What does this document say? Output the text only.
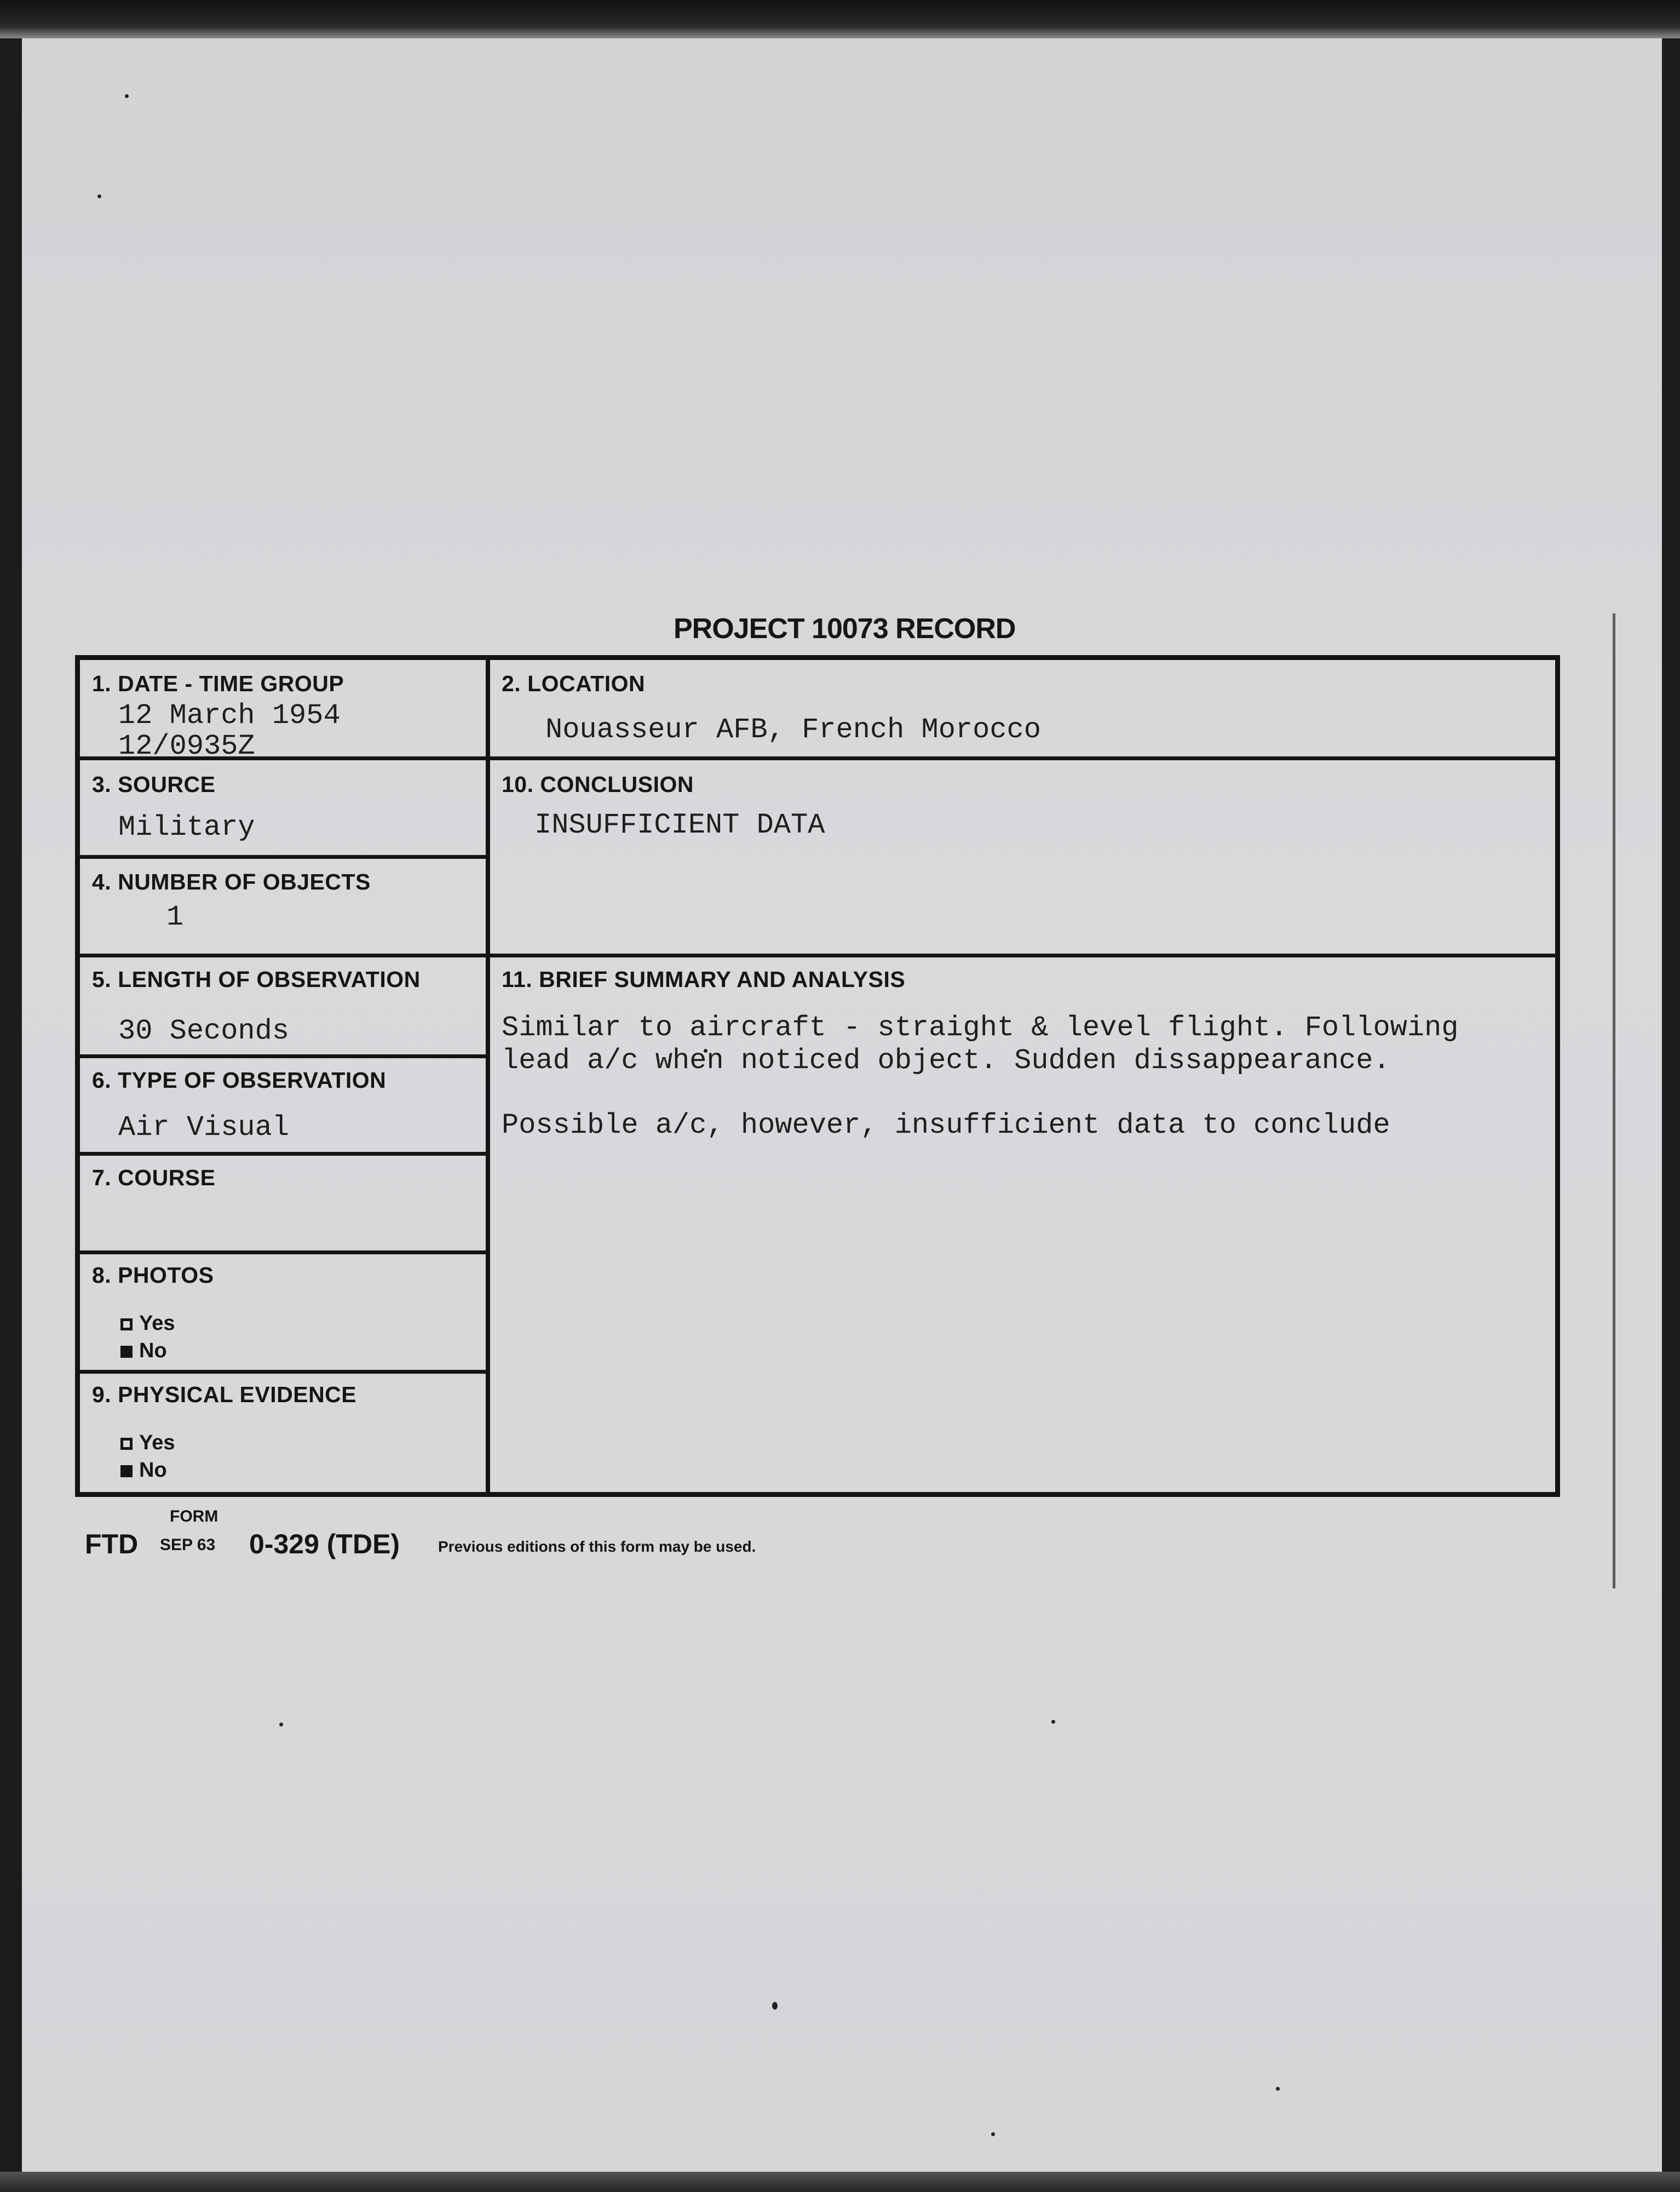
PROJECT 10073 RECORD
1. DATE - TIME GROUP
12 March 1954
12/0935Z
2. LOCATION
Nouasseur AFB, French Morocco
3. SOURCE
Military
4. NUMBER OF OBJECTS
1
10. CONCLUSION
INSUFFICIENT DATA
5. LENGTH OF OBSERVATION
30 Seconds
6. TYPE OF OBSERVATION
Air Visual
7. COURSE
8. PHOTOS
Yes
No
9. PHYSICAL EVIDENCE
Yes
No
11. BRIEF SUMMARY AND ANALYSIS
Similar to aircraft - straight & level flight. Following
lead a/c when noticed object. Sudden dissappearance.
Possible a/c, however, insufficient data to conclude
FORM
FTD SEP 63 0-329 (TDE) Previous editions of this form may be used.
